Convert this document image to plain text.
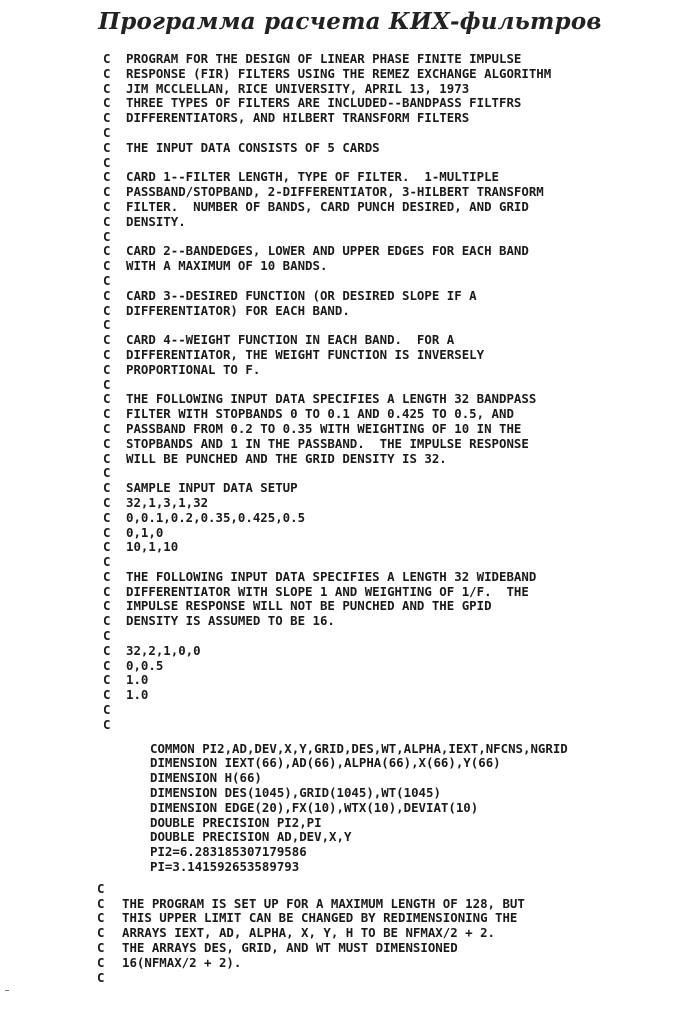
Программа расчета КИХ-фильтров
C PROGRAM FOR THE DESIGN OF LINEAR PHASE FINITE IMPULSE
C RESPONSE (FIR) FILTERS USING THE REMEZ EXCHANGE ALGORITHM
C JIM MCCLELLAN, RICE UNIVERSITY, APRIL 13, 1973
C THREE TYPES OF FILTERS ARE INCLUDED--BANDPASS FILTFRS
C DIFFERENTIATORS, AND HILBERT TRANSFORM FILTERS
C
C THE INPUT DATA CONSISTS OF 5 CARDS
C
C CARD 1--FILTER LENGTH, TYPE OF FILTER.  1-MULTIPLE
C PASSBAND/STOPBAND, 2-DIFFERENTIATOR, 3-HILBERT TRANSFORM
C FILTER.  NUMBER OF BANDS, CARD PUNCH DESIRED, AND GRID
C DENSITY.
C
C CARD 2--BANDEDGES, LOWER AND UPPER EDGES FOR EACH BAND
C WITH A MAXIMUM OF 10 BANDS.
C
C CARD 3--DESIRED FUNCTION (OR DESIRED SLOPE IF A
C DIFFERENTIATOR) FOR EACH BAND.
C
C CARD 4--WEIGHT FUNCTION IN EACH BAND.  FOR A
C DIFFERENTIATOR, THE WEIGHT FUNCTION IS INVERSELY
C PROPORTIONAL TO F.
C
C THE FOLLOWING INPUT DATA SPECIFIES A LENGTH 32 BANDPASS
C FILTER WITH STOPBANDS 0 TO 0.1 AND 0.425 TO 0.5, AND
C PASSBAND FROM 0.2 TO 0.35 WITH WEIGHTING OF 10 IN THE
C STOPBANDS AND 1 IN THE PASSBAND.  THE IMPULSE RESPONSE
C WILL BE PUNCHED AND THE GRID DENSITY IS 32.
C
C SAMPLE INPUT DATA SETUP
C 32,1,3,1,32
C 0,0.1,0.2,0.35,0.425,0.5
C 0,1,0
C 10,1,10
C
C THE FOLLOWING INPUT DATA SPECIFIES A LENGTH 32 WIDEBAND
C DIFFERENTIATOR WITH SLOPE 1 AND WEIGHTING OF 1/F.  THE
C IMPULSE RESPONSE WILL NOT BE PUNCHED AND THE GPID
C DENSITY IS ASSUMED TO BE 16.
C
C 32,2,1,0,0
C 0,0.5
C 1.0
C 1.0
C
C
COMMON PI2,AD,DEV,X,Y,GRID,DES,WT,ALPHA,IEXT,NFCNS,NGRID
DIMENSION IEXT(66),AD(66),ALPHA(66),X(66),Y(66)
DIMENSION H(66)
DIMENSION DES(1045),GRID(1045),WT(1045)
DIMENSION EDGE(20),FX(10),WTX(10),DEVIAT(10)
DOUBLE PRECISION PI2,PI
DOUBLE PRECISION AD,DEV,X,Y
PI2=6.283185307179586
PI=3.141592653589793
C
C THE PROGRAM IS SET UP FOR A MAXIMUM LENGTH OF 128, BUT
C THIS UPPER LIMIT CAN BE CHANGED BY REDIMENSIONING THE
C ARRAYS IEXT, AD, ALPHA, X, Y, H TO BE NFMAX/2 + 2.
C THE ARRAYS DES, GRID, AND WT MUST DIMENSIONED
C 16(NFMAX/2 + 2).
C
